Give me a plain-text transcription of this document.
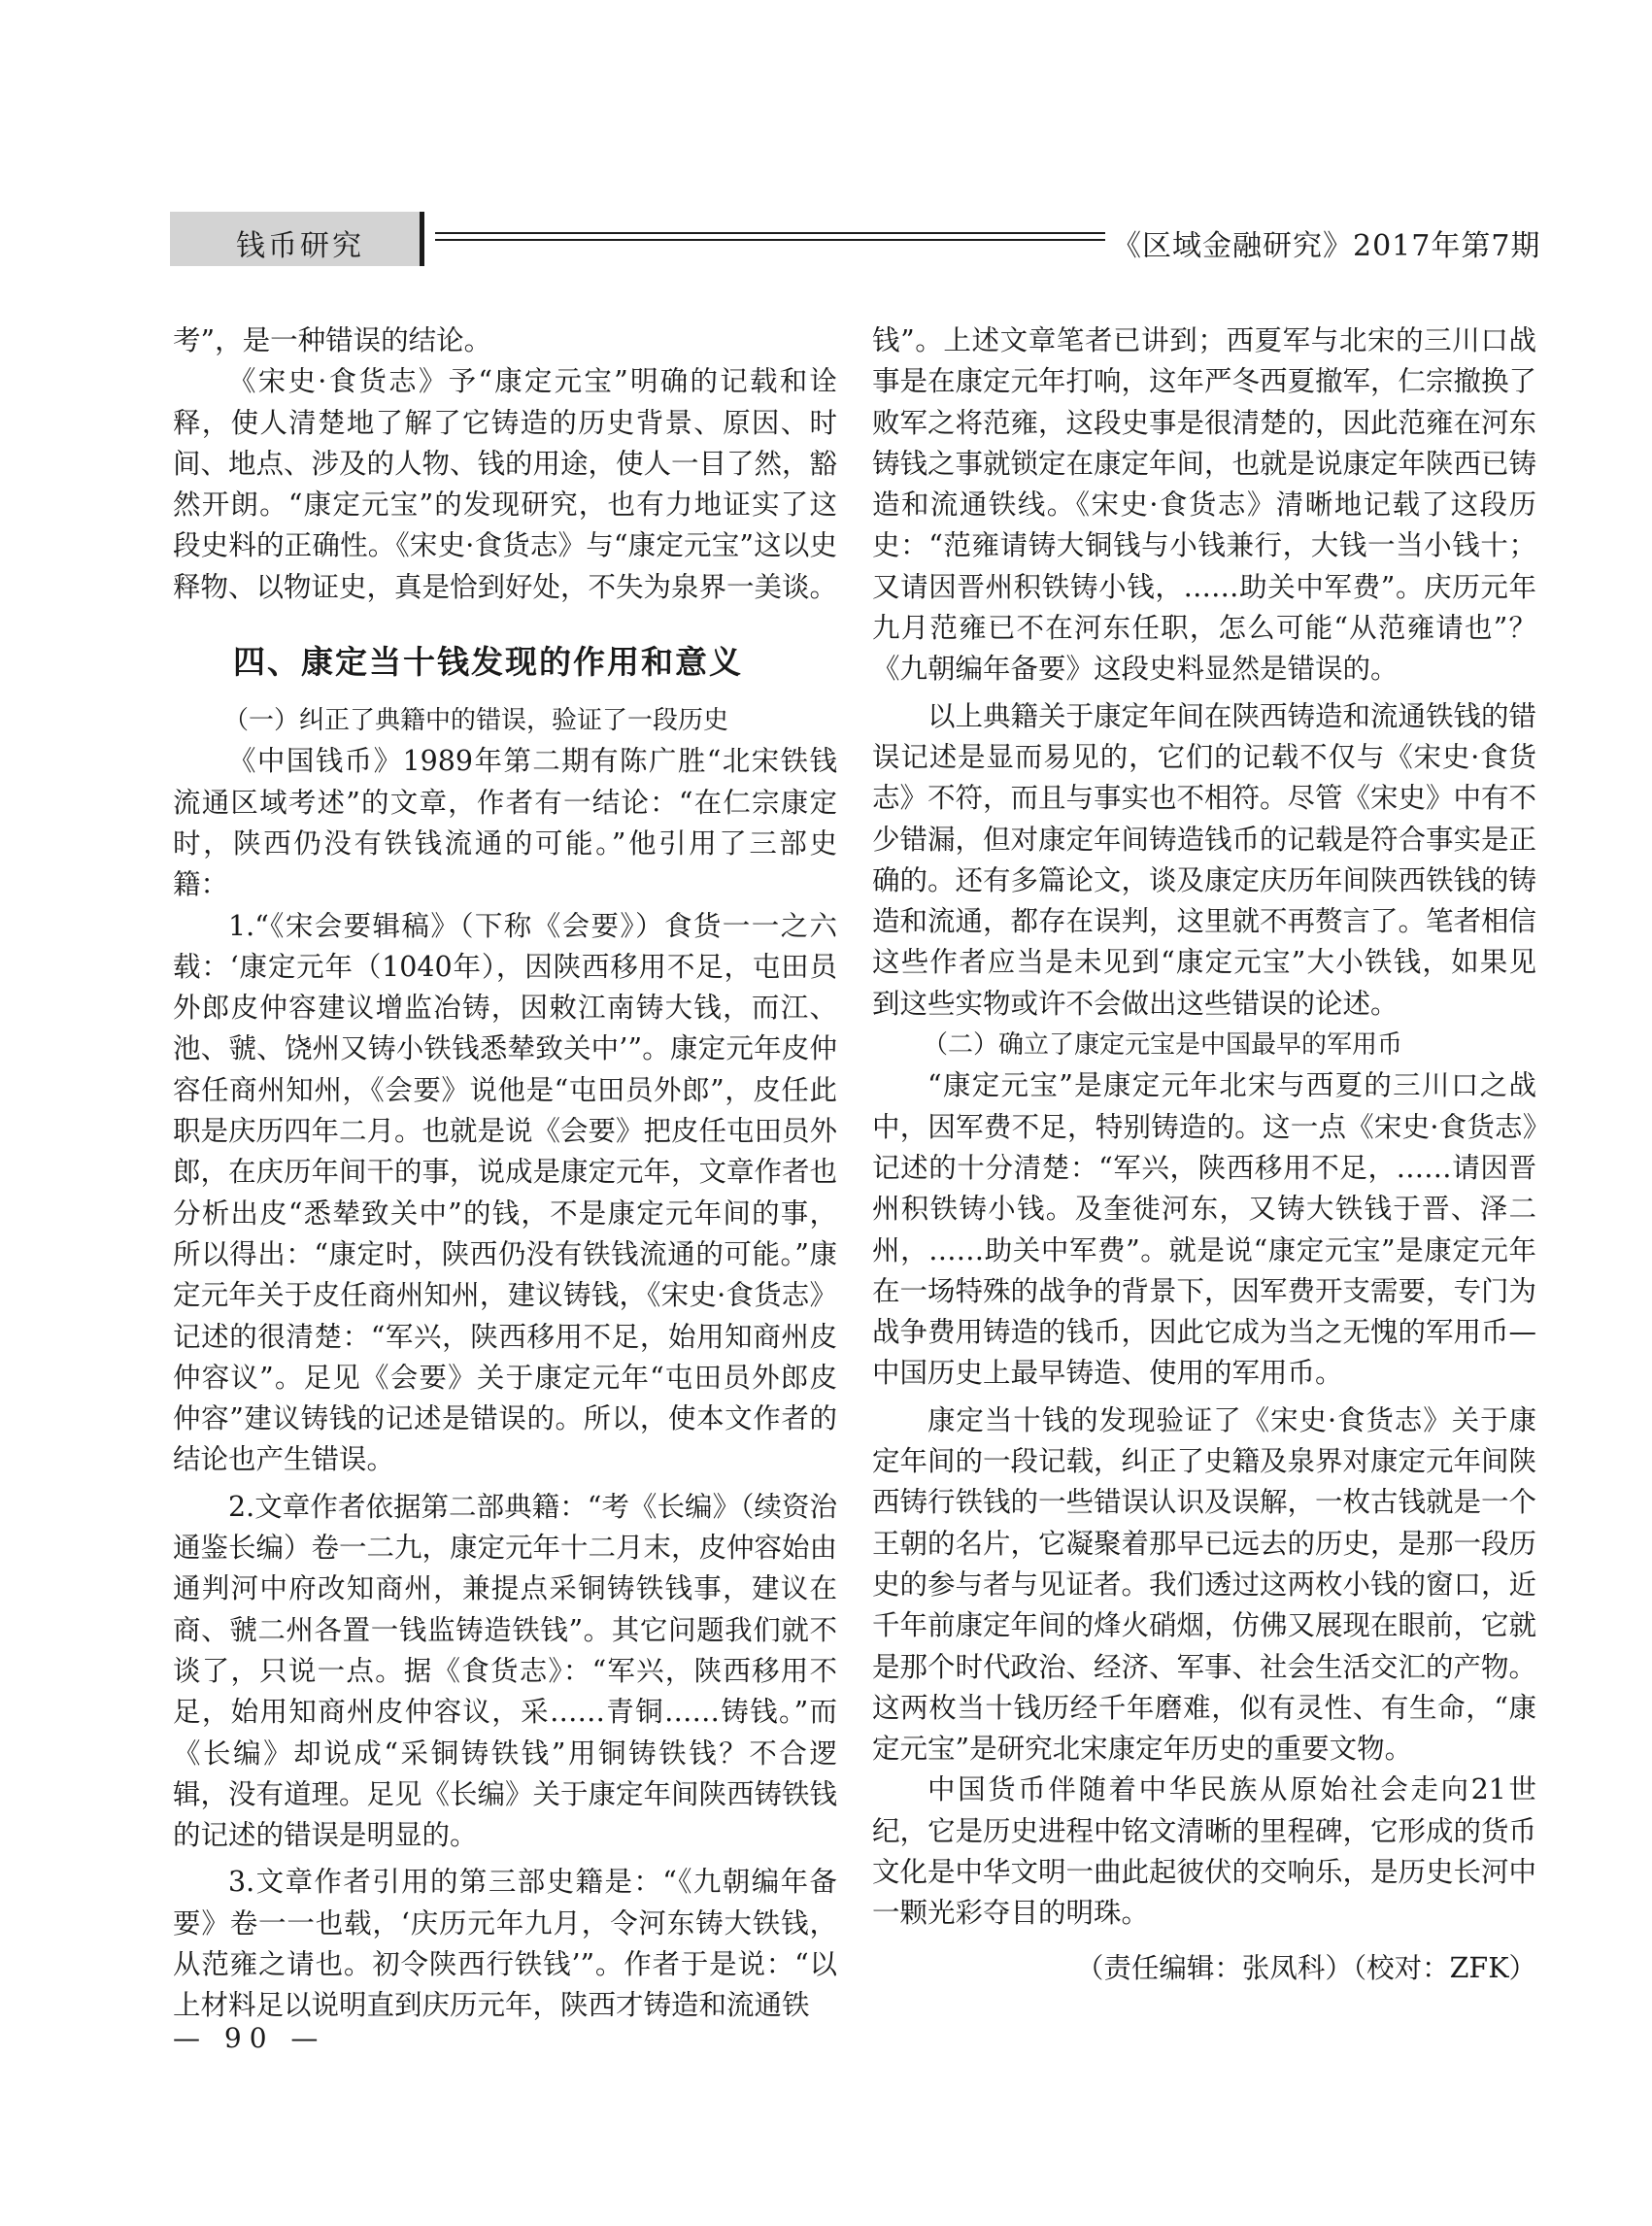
钱币研究	《区域金融研究》2017年第7期

考”，是一种错误的结论。

《宋史·食货志》予“康定元宝”明确的记载和诠释，使人清楚地了解了它铸造的历史背景、原因、时间、地点、涉及的人物、钱的用途，使人一目了然，豁然开朗。“康定元宝”的发现研究，也有力地证实了这段史料的正确性。《宋史·食货志》与“康定元宝”这以史释物、以物证史，真是恰到好处，不失为泉界一美谈。

四、康定当十钱发现的作用和意义
（一）纠正了典籍中的错误，验证了一段历史

《中国钱币》1989年第二期有陈广胜“北宋铁钱流通区域考述”的文章，作者有一结论：“在仁宗康定时，陕西仍没有铁钱流通的可能。”他引用了三部史籍：

1.“《宋会要辑稿》（下称《会要》）食货一一之六载：‘康定元年（1040年），因陕西移用不足，屯田员外郎皮仲容建议增监冶铸，因敕江南铸大钱，而江、池、虢、饶州又铸小铁钱悉辇致关中’”。康定元年皮仲容任商州知州，《会要》说他是“屯田员外郎”，皮任此职是庆历四年二月。也就是说《会要》把皮任屯田员外郎，在庆历年间干的事，说成是康定元年，文章作者也分析出皮“悉辇致关中”的钱，不是康定元年间的事，所以得出：“康定时，陕西仍没有铁钱流通的可能。”康定元年关于皮任商州知州，建议铸钱，《宋史·食货志》记述的很清楚：“军兴，陕西移用不足，始用知商州皮仲容议”。足见《会要》关于康定元年“屯田员外郎皮仲容”建议铸钱的记述是错误的。所以，使本文作者的结论也产生错误。

2.文章作者依据第二部典籍：“考《长编》（续资治通鉴长编）卷一二九，康定元年十二月末，皮仲容始由通判河中府改知商州，兼提点采铜铸铁钱事，建议在商、虢二州各置一钱监铸造铁钱”。其它问题我们就不谈了，只说一点。据《食货志》：“军兴，陕西移用不足，始用知商州皮仲容议，采……青铜……铸钱。”而《长编》却说成“采铜铸铁钱”用铜铸铁钱？不合逻辑，没有道理。足见《长编》关于康定年间陕西铸铁钱的记述的错误是明显的。

3.文章作者引用的第三部史籍是：“《九朝编年备要》卷一一也载，‘庆历元年九月，令河东铸大铁钱，从范雍之请也。初令陕西行铁钱’”。作者于是说：“以上材料足以说明直到庆历元年，陕西才铸造和流通铁

钱”。上述文章笔者已讲到；西夏军与北宋的三川口战事是在康定元年打响，这年严冬西夏撤军，仁宗撤换了败军之将范雍，这段史事是很清楚的，因此范雍在河东铸钱之事就锁定在康定年间，也就是说康定年陕西已铸造和流通铁线。《宋史·食货志》清晰地记载了这段历史：“范雍请铸大铜钱与小钱兼行，大钱一当小钱十；又请因晋州积铁铸小钱，……助关中军费”。庆历元年九月范雍已不在河东任职，怎么可能“从范雍请也”？《九朝编年备要》这段史料显然是错误的。

以上典籍关于康定年间在陕西铸造和流通铁钱的错误记述是显而易见的，它们的记载不仅与《宋史·食货志》不符，而且与事实也不相符。尽管《宋史》中有不少错漏，但对康定年间铸造钱币的记载是符合事实是正确的。还有多篇论文，谈及康定庆历年间陕西铁钱的铸造和流通，都存在误判，这里就不再赘言了。笔者相信这些作者应当是未见到“康定元宝”大小铁钱，如果见到这些实物或许不会做出这些错误的论述。

（二）确立了康定元宝是中国最早的军用币

“康定元宝”是康定元年北宋与西夏的三川口之战中，因军费不足，特别铸造的。这一点《宋史·食货志》记述的十分清楚：“军兴，陕西移用不足，……请因晋州积铁铸小钱。及奎徙河东，又铸大铁钱于晋、泽二州，……助关中军费”。就是说“康定元宝”是康定元年在一场特殊的战争的背景下，因军费开支需要，专门为战争费用铸造的钱币，因此它成为当之无愧的军用币—中国历史上最早铸造、使用的军用币。

康定当十钱的发现验证了《宋史·食货志》关于康定年间的一段记载，纠正了史籍及泉界对康定元年间陕西铸行铁钱的一些错误认识及误解，一枚古钱就是一个王朝的名片，它凝聚着那早已远去的历史，是那一段历史的参与者与见证者。我们透过这两枚小钱的窗口，近千年前康定年间的烽火硝烟，仿佛又展现在眼前，它就是那个时代政治、经济、军事、社会生活交汇的产物。这两枚当十钱历经千年磨难，似有灵性、有生命，“康定元宝”是研究北宋康定年历史的重要文物。

中国货币伴随着中华民族从原始社会走向21世纪，它是历史进程中铭文清晰的里程碑，它形成的货币文化是中华文明一曲此起彼伏的交响乐，是历史长河中一颗光彩夺目的明珠。

（责任编辑：张凤科）（校对：ZFK）
— 90 —
